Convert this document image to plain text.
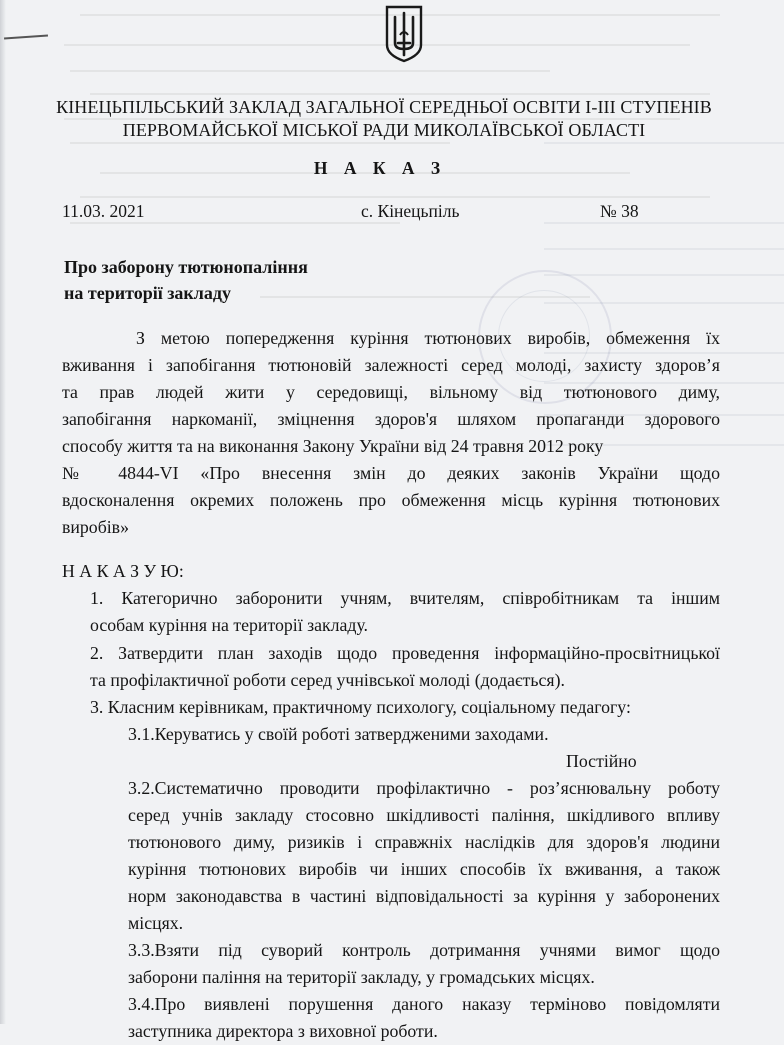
КІНЕЦЬПІЛЬСЬКИЙ ЗАКЛАД ЗАГАЛЬНОЇ СЕРЕДНЬОЇ ОСВІТИ І-ІІІ СТУПЕНІВ
ПЕРВОМАЙСЬКОЇ МІСЬКОЇ РАДИ МИКОЛАЇВСЬКОЇ ОБЛАСТІ
Н А К А З
11.03. 2021	с. Кінецьпіль	№ 38
Про заборону тютюнопаління
на території закладу
З метою попередження куріння тютюнових виробів, обмеження їх
вживання і запобігання тютюновій залежності серед молоді, захисту здоров’я
та прав людей жити у середовищі, вільному від тютюнового диму,
запобігання наркоманії, зміцнення здоров'я шляхом пропаганди здорового
способу життя та на виконання Закону України від 24 травня 2012 року
№ 4844-VI «Про внесення змін до деяких законів України щодо
вдосконалення окремих положень про обмеження місць куріння тютюнових
виробів»
Н А К А З У Ю:
1. Категорично заборонити учням, вчителям, співробітникам та іншим
особам куріння на території закладу.
2. Затвердити план заходів щодо проведення інформаційно-просвітницької
та профілактичної роботи серед учнівської молоді (додається).
3. Класним керівникам, практичному психологу, соціальному педагогу:
3.1.Керуватись у своїй роботі затвердженими заходами.
Постійно
3.2.Систематично проводити профілактично - роз’яснювальну роботу
серед учнів закладу стосовно шкідливості паління, шкідливого впливу
тютюнового диму, ризиків і справжніх наслідків для здоров'я людини
куріння тютюнових виробів чи інших способів їх вживання, а також
норм законодавства в частині відповідальності за куріння у заборонених
місцях.
3.3.Взяти під суворий контроль дотримання учнями вимог щодо
заборони паління на території закладу, у громадських місцях.
3.4.Про виявлені порушення даного наказу терміново повідомляти
заступника директора з виховної роботи.
